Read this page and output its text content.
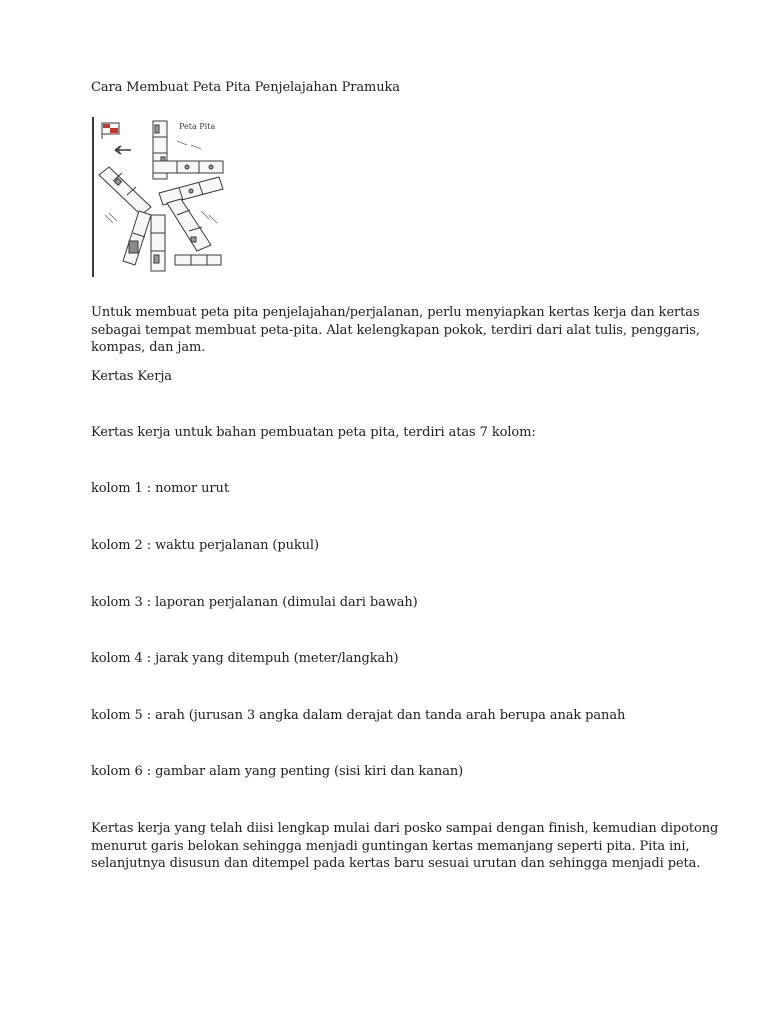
Cara Membuat Peta Pita Penjelajahan Pramuka

Peta Pita
Untuk membuat peta pita penjelajahan/perjalanan, perlu menyiapkan kertas kerja dan kertas
sebagai tempat membuat peta-pita. Alat kelengkapan pokok, terdiri dari alat tulis, penggaris,
kompas, dan jam.

Kertas Kerja

Kertas kerja untuk bahan pembuatan peta pita, terdiri atas 7 kolom:

kolom 1 : nomor urut

kolom 2 : waktu perjalanan (pukul)

kolom 3 : laporan perjalanan (dimulai dari bawah)

kolom 4 : jarak yang ditempuh (meter/langkah)

kolom 5 : arah (jurusan 3 angka dalam derajat dan tanda arah berupa anak panah

kolom 6 : gambar alam yang penting (sisi kiri dan kanan)

Kertas kerja yang telah diisi lengkap mulai dari posko sampai dengan finish, kemudian dipotong
menurut garis belokan sehingga menjadi guntingan kertas memanjang seperti pita. Pita ini,
selanjutnya disusun dan ditempel pada kertas baru sesuai urutan dan sehingga menjadi peta.
